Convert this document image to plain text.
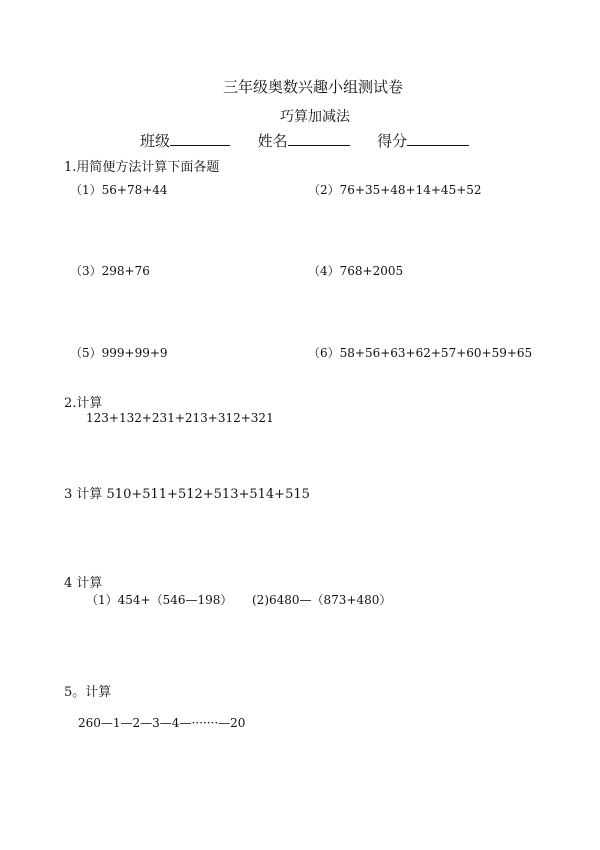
三年级奥数兴趣小组测试卷
巧算加减法
班级	姓名	得分
1.用简便方法计算下面各题
（1）56+78+44	（2）76+35+48+14+45+52
（3）298+76	（4）768+2005
（5）999+99+9	（6）58+56+63+62+57+60+59+65
2.计算
123+132+231+213+312+321
3 计算 510+511+512+513+514+515
4 计算
（1）454+（546—198） (2)6480—（873+480）
5。计算
260—1—2—3—4—·······—20
